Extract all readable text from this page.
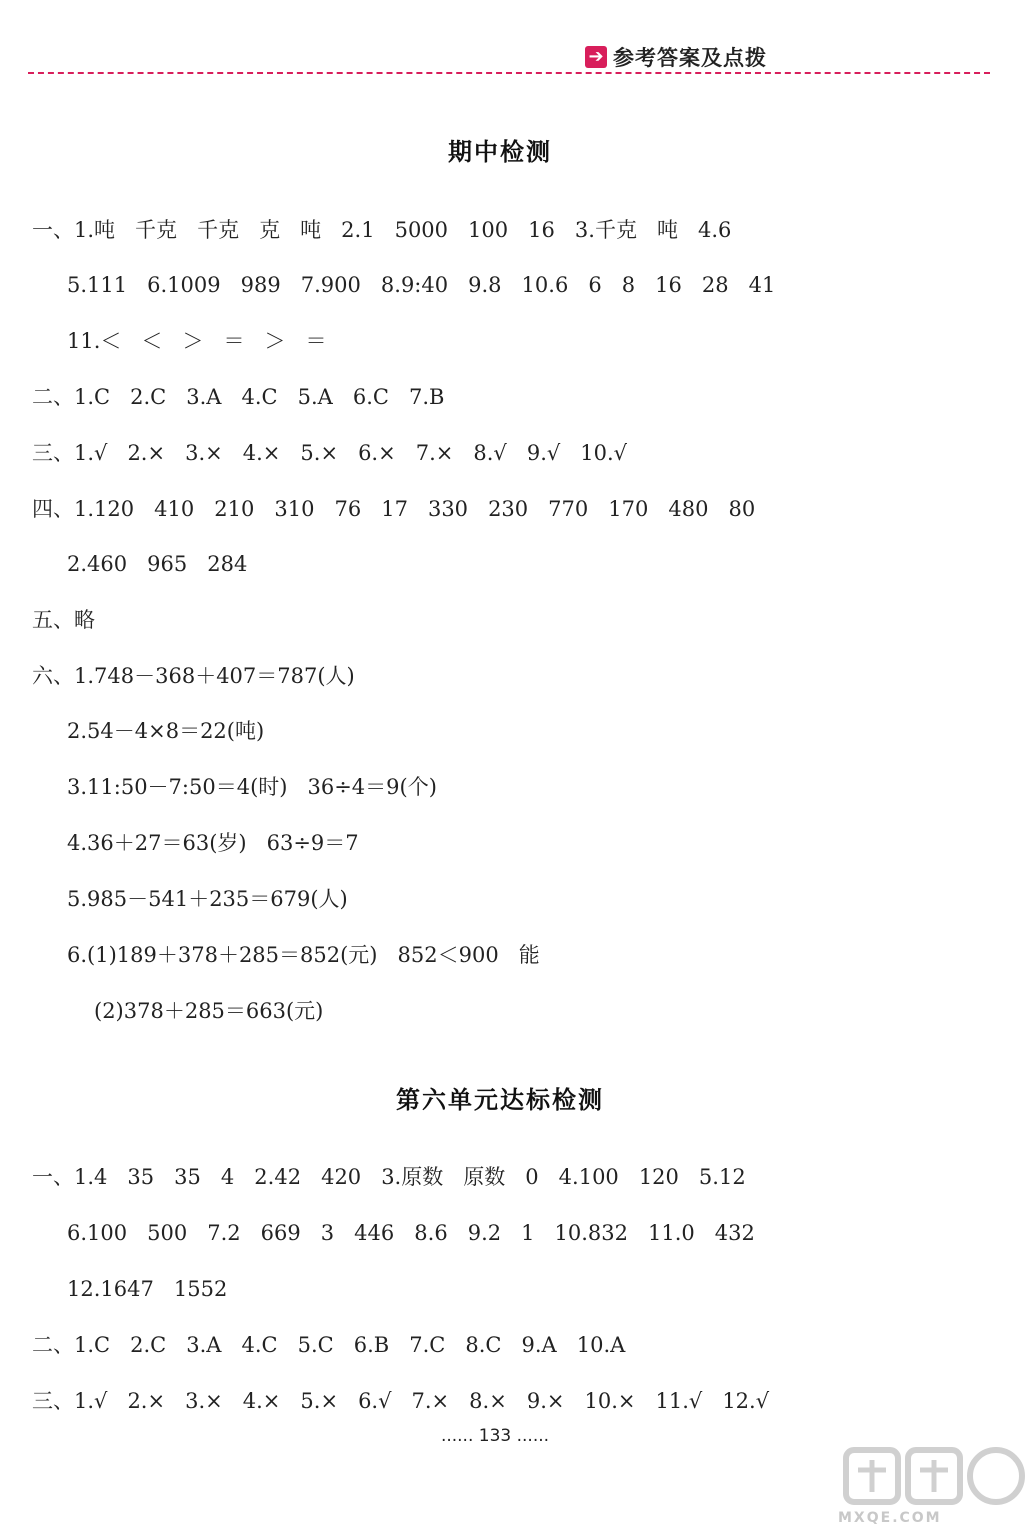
➔ 参考答案及点拨
期中检测
一、1.吨   千克   千克   克   吨   2.1   5000   100   16   3.千克   吨   4.6
5.111   6.1009   989   7.900   8.9:40   9.8   10.6   6   8   16   28   41
11.＜   ＜   ＞   ＝   ＞   ＝
二、1.C   2.C   3.A   4.C   5.A   6.C   7.B
三、1.√   2.×   3.×   4.×   5.×   6.×   7.×   8.√   9.√   10.√
四、1.120   410   210   310   76   17   330   230   770   170   480   80
2.460   965   284
五、略
六、1.748－368＋407＝787(人)
2.54－4×8＝22(吨)
3.11:50－7:50＝4(时)   36÷4＝9(个)
4.36＋27＝63(岁)   63÷9＝7
5.985－541＋235＝679(人)
6.(1)189＋378＋285＝852(元)   852＜900   能
(2)378＋285＝663(元)
第六单元达标检测
一、1.4   35   35   4   2.42   420   3.原数   原数   0   4.100   120   5.12
6.100   500   7.2   669   3   446   8.6   9.2   1   10.832   11.0   432
12.1647   1552
二、1.C   2.C   3.A   4.C   5.C   6.B   7.C   8.C   9.A   10.A
三、1.√   2.×   3.×   4.×   5.×   6.√   7.×   8.×   9.×   10.×   11.√   12.√
...... 133 ......
MXQE.COM
